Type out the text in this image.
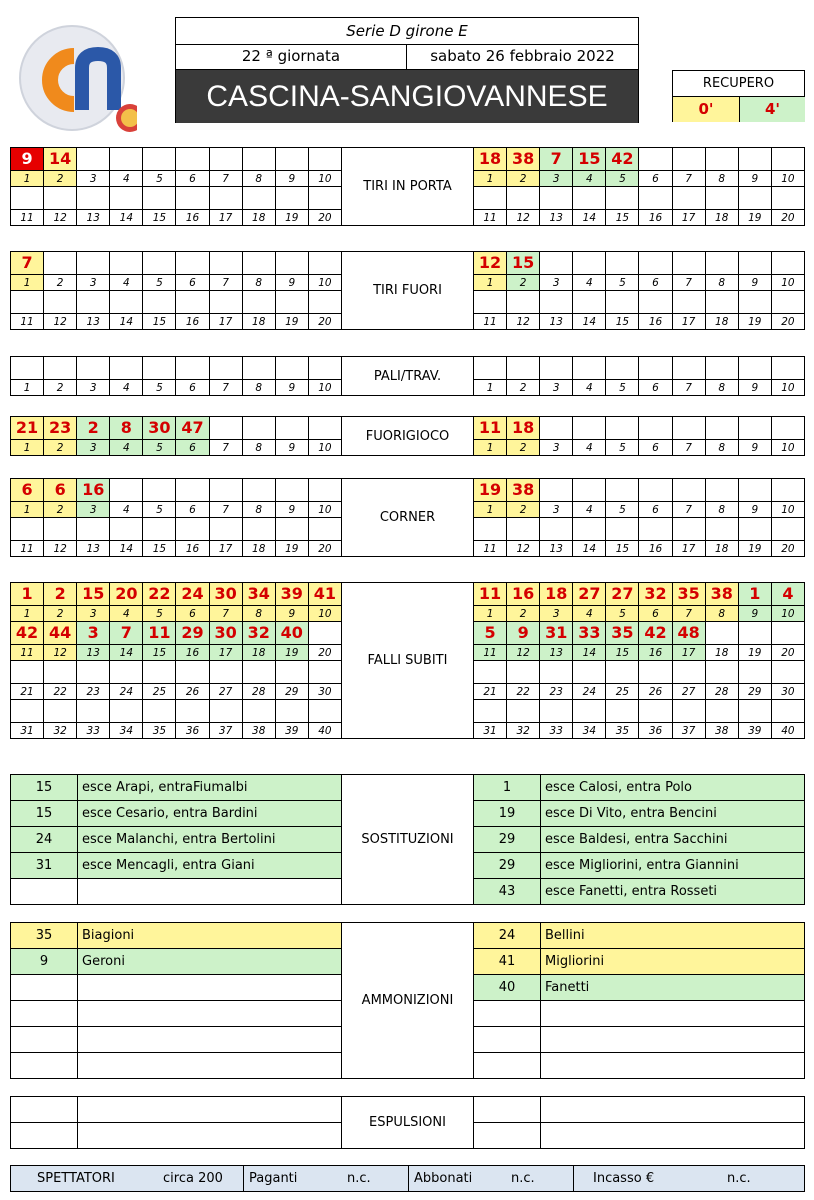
Serie D girone E
22 ª giornata	sabato 26 febbraio 2022
CASCINA-SANGIOVANNESE	RECUPERO
0'	4'
9	14								
1	2	3	4	5	6	7	8	9	10

11	12	13	14	15	16	17	18	19	20
18	38	7	15	42					
1	2	3	4	5	6	7	8	9	10

11	12	13	14	15	16	17	18	19	20
TIRI IN PORTA
7									
1	2	3	4	5	6	7	8	9	10

11	12	13	14	15	16	17	18	19	20
12	15								
1	2	3	4	5	6	7	8	9	10

11	12	13	14	15	16	17	18	19	20
TIRI FUORI

1	2	3	4	5	6	7	8	9	10
										1	2	3	4	5	6	7	8	9	10
PALI/TRAV.
21	23	2	8	30	47				
1	2	3	4	5	6	7	8	9	10
11	18								
1	2	3	4	5	6	7	8	9	10
FUORIGIOCO
6	6	16							
1	2	3	4	5	6	7	8	9	10

11	12	13	14	15	16	17	18	19	20
19	38								
1	2	3	4	5	6	7	8	9	10

11	12	13	14	15	16	17	18	19	20
CORNER
1	2	15	20	22	24	30	34	39	41
1	2	3	4	5	6	7	8	9	10
42	44	3	7	11	29	30	32	40	
11	12	13	14	15	16	17	18	19	20

21	22	23	24	25	26	27	28	29	30

31	32	33	34	35	36	37	38	39	40
11	16	18	27	27	32	35	38	1	4
1	2	3	4	5	6	7	8	9	10
5	9	31	33	35	42	48			
11	12	13	14	15	16	17	18	19	20

21	22	23	24	25	26	27	28	29	30

31	32	33	34	35	36	37	38	39	40
FALLI SUBITI
15	esce Arapi, entraFiumalbi
15	esce Cesario, entra Bardini
24	esce Malanchi, entra Bertolini
31	esce Mencagli, entra Giani

SOSTITUZIONI
1	esce Calosi, entra Polo
19	esce Di Vito, entra Bencini
29	esce Baldesi, entra Sacchini
29	esce Migliorini, entra Giannini
43	esce Fanetti, entra Rosseti
35	Biagioni
9	Geroni

AMMONIZIONI
24	Bellini
41	Migliorini
40	Fanetti

ESPULSIONI

SPETTATORI	circa 200 Paganti	n.c.	Abbonati	n.c.	Incasso €	n.c.
